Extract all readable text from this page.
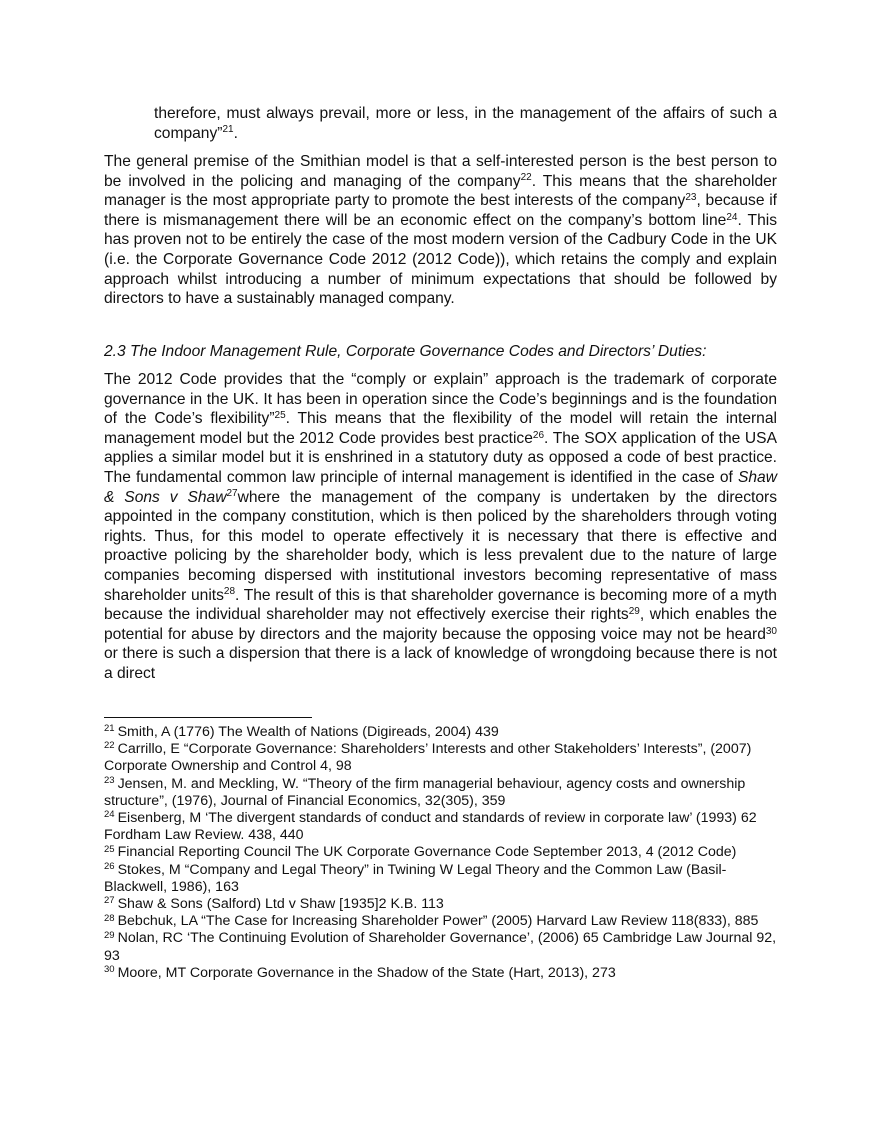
therefore, must always prevail, more or less, in the management of the affairs of such a company”$^{21}$.

The general premise of the Smithian model is that a self-interested person is the best person to be involved in the policing and managing of the company$^{22}$. This means that the shareholder manager is the most appropriate party to promote the best interests of the company$^{23}$, because if there is mismanagement there will be an economic effect on the company’s bottom line$^{24}$. This has proven not to be entirely the case of the most modern version of the Cadbury Code in the UK (i.e. the Corporate Governance Code 2012 (2012 Code)), which retains the comply and explain approach whilst introducing a number of minimum expectations that should be followed by directors to have a sustainably managed company.

2.3 The Indoor Management Rule, Corporate Governance Codes and Directors’ Duties:

The 2012 Code provides that the “comply or explain” approach is the trademark of corporate governance in the UK. It has been in operation since the Code’s beginnings and is the foundation of the Code’s flexibility”$^{25}$. This means that the flexibility of the model will retain the internal management model but the 2012 Code provides best practice$^{26}$. The SOX application of the USA applies a similar model but it is enshrined in a statutory duty as opposed a code of best practice. The fundamental common law principle of internal management is identified in the case of Shaw & Sons v Shaw$^{27}$where the management of the company is undertaken by the directors appointed in the company constitution, which is then policed by the shareholders through voting rights. Thus, for this model to operate effectively it is necessary that there is effective and proactive policing by the shareholder body, which is less prevalent due to the nature of large companies becoming dispersed with institutional investors becoming representative of mass shareholder units$^{28}$. The result of this is that shareholder governance is becoming more of a myth because the individual shareholder may not effectively exercise their rights$^{29}$, which enables the potential for abuse by directors and the majority because the opposing voice may not be heard$^{30}$ or there is such a dispersion that there is a lack of knowledge of wrongdoing because there is not a direct

$^{21}$ Smith, A (1776) The Wealth of Nations (Digireads, 2004) 439
$^{22}$ Carrillo, E “Corporate Governance: Shareholders’ Interests and other Stakeholders’ Interests”, (2007) Corporate Ownership and Control 4, 98
$^{23}$ Jensen, M. and Meckling, W. “Theory of the firm managerial behaviour, agency costs and ownership structure”, (1976), Journal of Financial Economics, 32(305), 359
$^{24}$ Eisenberg, M ‘The divergent standards of conduct and standards of review in corporate law’ (1993) 62 Fordham Law Review. 438, 440
$^{25}$ Financial Reporting Council The UK Corporate Governance Code September 2013, 4 (2012 Code)
$^{26}$ Stokes, M “Company and Legal Theory” in Twining W Legal Theory and the Common Law (Basil-Blackwell, 1986), 163
$^{27}$ Shaw & Sons (Salford) Ltd v Shaw [1935]2 K.B. 113
$^{28}$ Bebchuk, LA “The Case for Increasing Shareholder Power” (2005) Harvard Law Review 118(833), 885
$^{29}$ Nolan, RC ‘The Continuing Evolution of Shareholder Governance’, (2006) 65 Cambridge Law Journal 92, 93
$^{30}$ Moore, MT Corporate Governance in the Shadow of the State (Hart, 2013), 273
